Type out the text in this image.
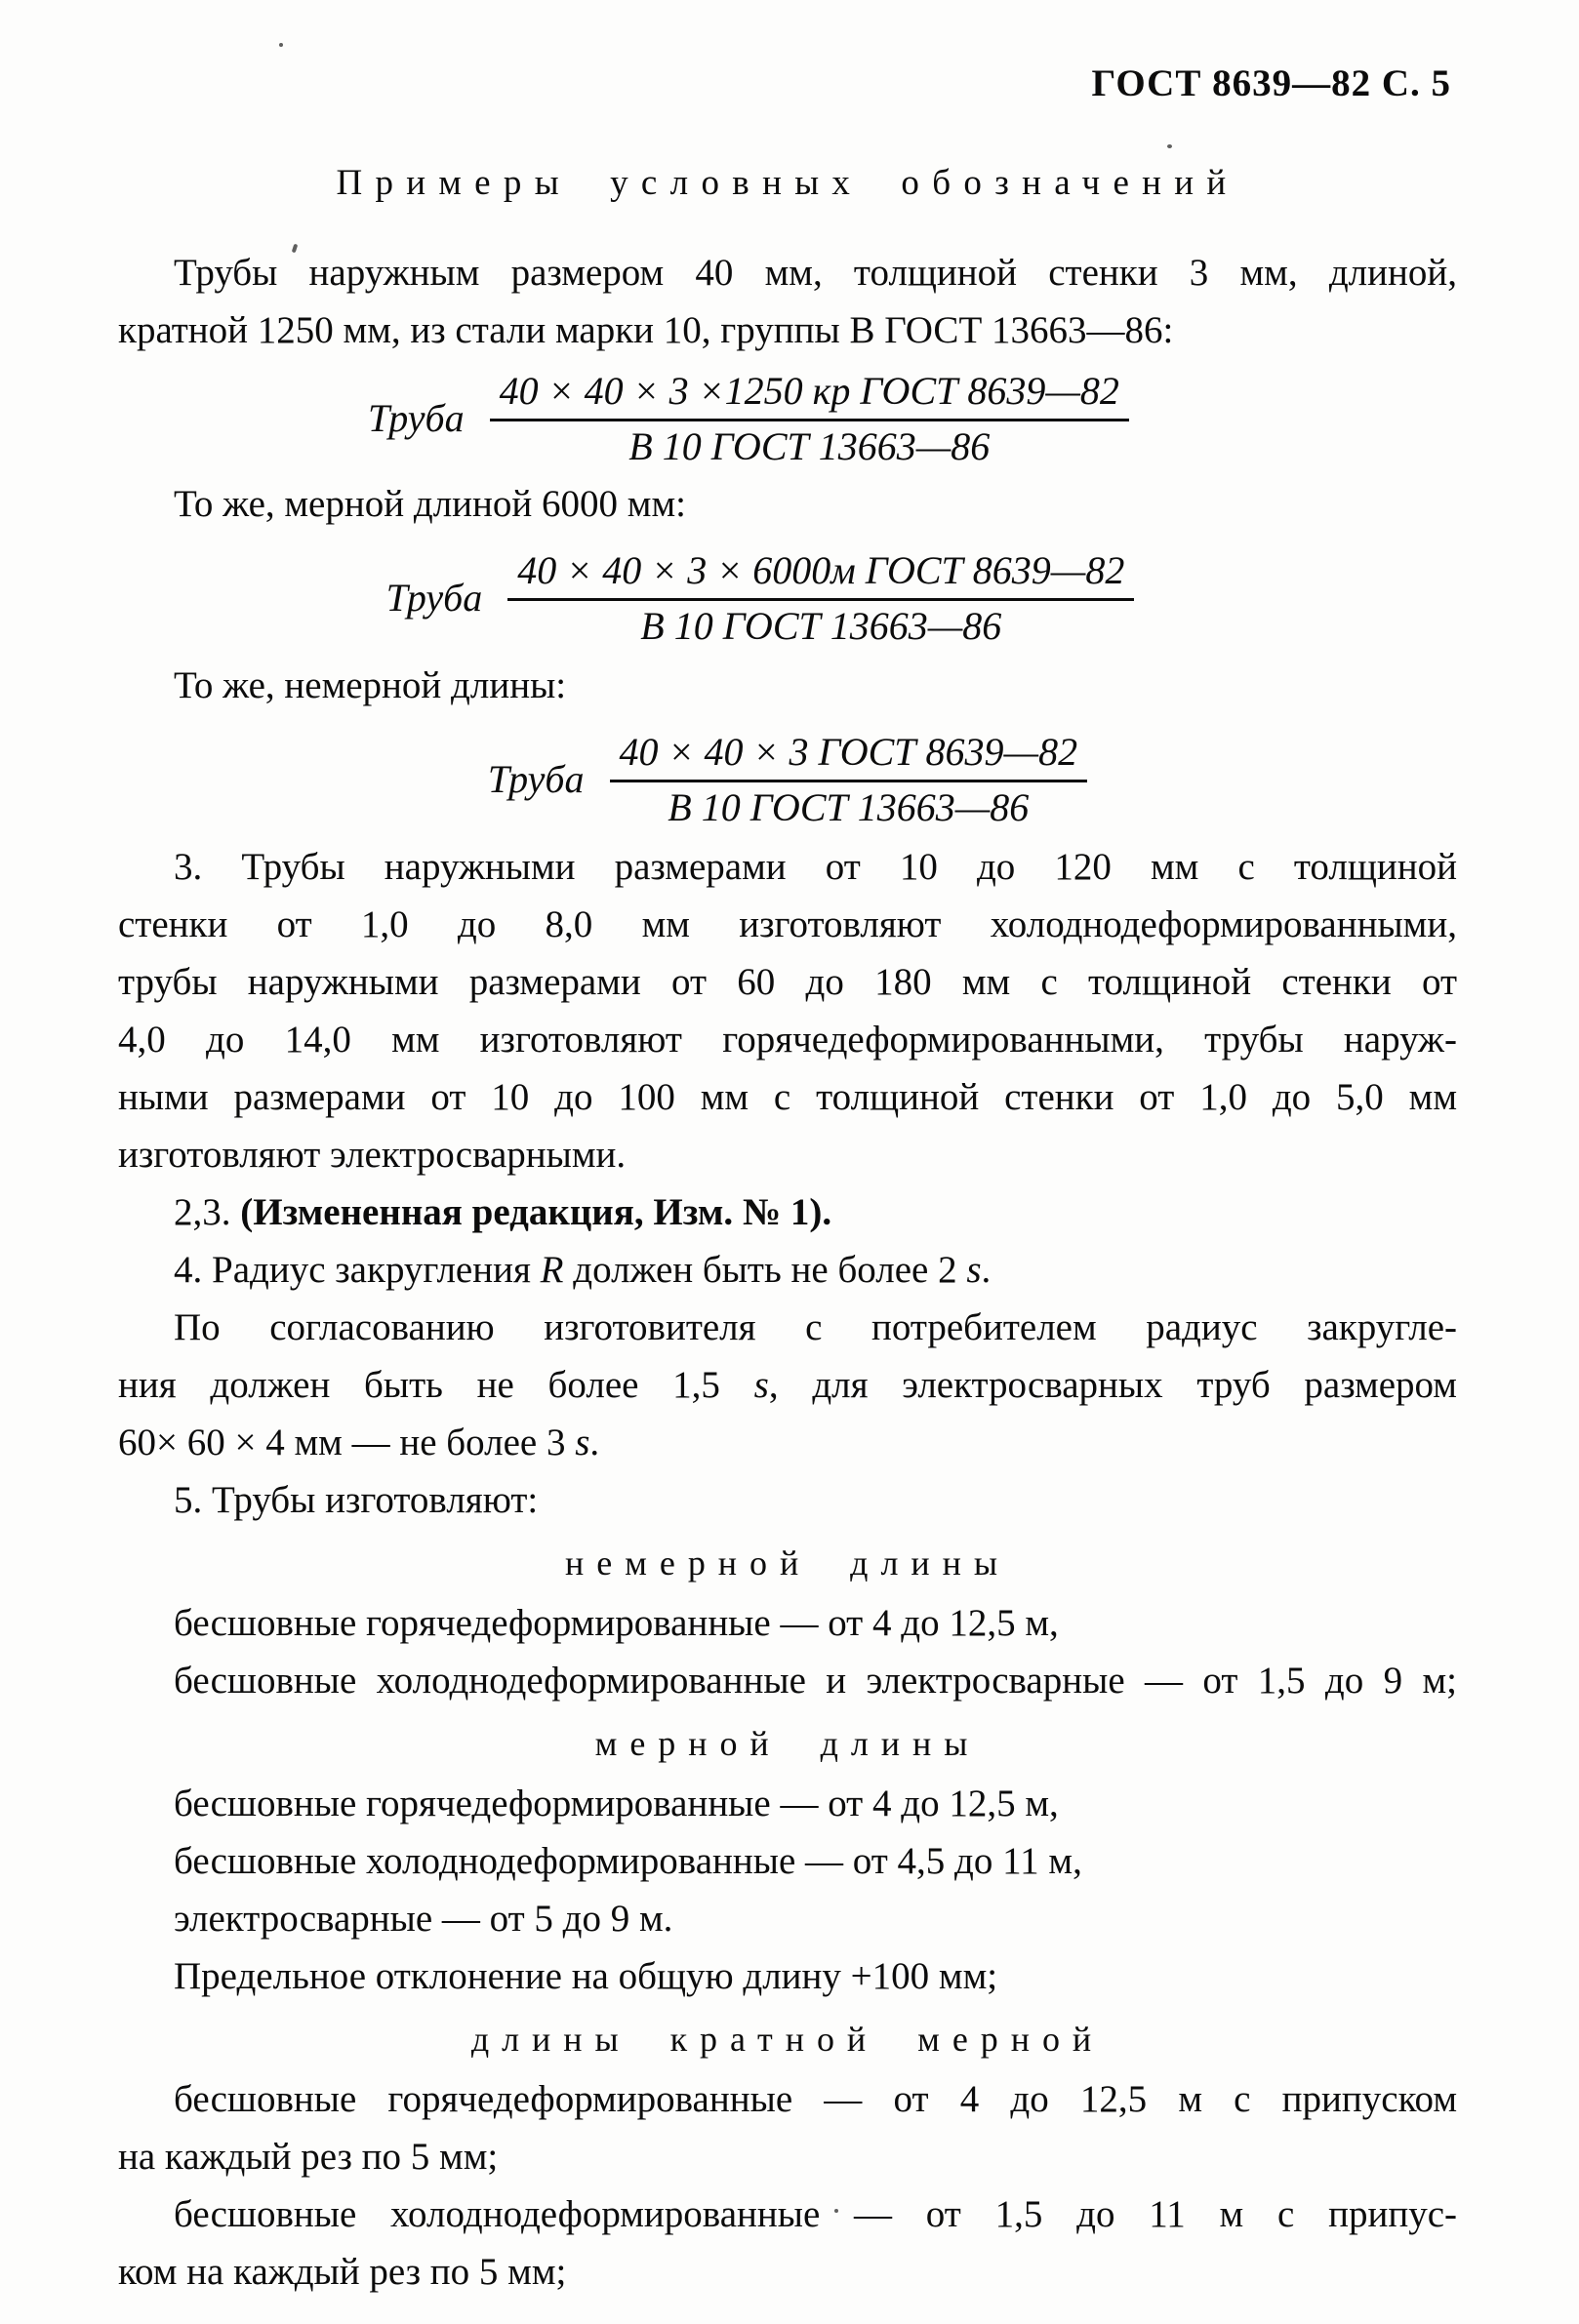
ГОСТ 8639—82 С. 5
Примеры условных обозначений
Трубы наружным размером 40 мм, толщиной стенки 3 мм, длиной,
кратной 1250 мм, из стали марки 10, группы В ГОСТ 13663—86:
Труба $\frac{\text{40 × 40 × 3 ×1250 кр ГОСТ 8639—82}}{\text{В 10 ГОСТ 13663—86}}$
То же, мерной длиной 6000 мм:
Труба $\frac{\text{40 × 40 × 3 × 6000м ГОСТ 8639—82}}{\text{В 10 ГОСТ 13663—86}}$
То же, немерной длины:
Труба $\frac{\text{40 × 40 × 3 ГОСТ 8639—82}}{\text{В 10 ГОСТ 13663—86}}$
3. Трубы наружными размерами от 10 до 120 мм с толщиной
стенки от 1,0 до 8,0 мм изготовляют холоднодеформированными,
трубы наружными размерами от 60 до 180 мм с толщиной стенки от
4,0 до 14,0 мм изготовляют горячедеформированными, трубы наруж-
ными размерами от 10 до 100 мм с толщиной стенки от 1,0 до 5,0 мм
изготовляют электросварными.
2,3. (Измененная редакция, Изм. № 1).
4. Радиус закругления R должен быть не более 2 s.
По согласованию изготовителя с потребителем радиус закругле-
ния должен быть не более 1,5 s, для электросварных труб размером
60× 60 × 4 мм — не более 3 s.
5. Трубы изготовляют:
немерной длины
бесшовные горячедеформированные — от 4 до 12,5 м,
бесшовные холоднодеформированные и электросварные — от 1,5 до 9 м;
мерной длины
бесшовные горячедеформированные — от 4 до 12,5 м,
бесшовные холоднодеформированные — от 4,5 до 11 м,
электросварные — от 5 до 9 м.
Предельное отклонение на общую длину +100 мм;
длины кратной мерной
бесшовные горячедеформированные — от 4 до 12,5 м с припуском
на каждый рез по 5 мм;
бесшовные холоднодеформированные — от 1,5 до 11 м с припус-
ком на каждый рез по 5 мм;
